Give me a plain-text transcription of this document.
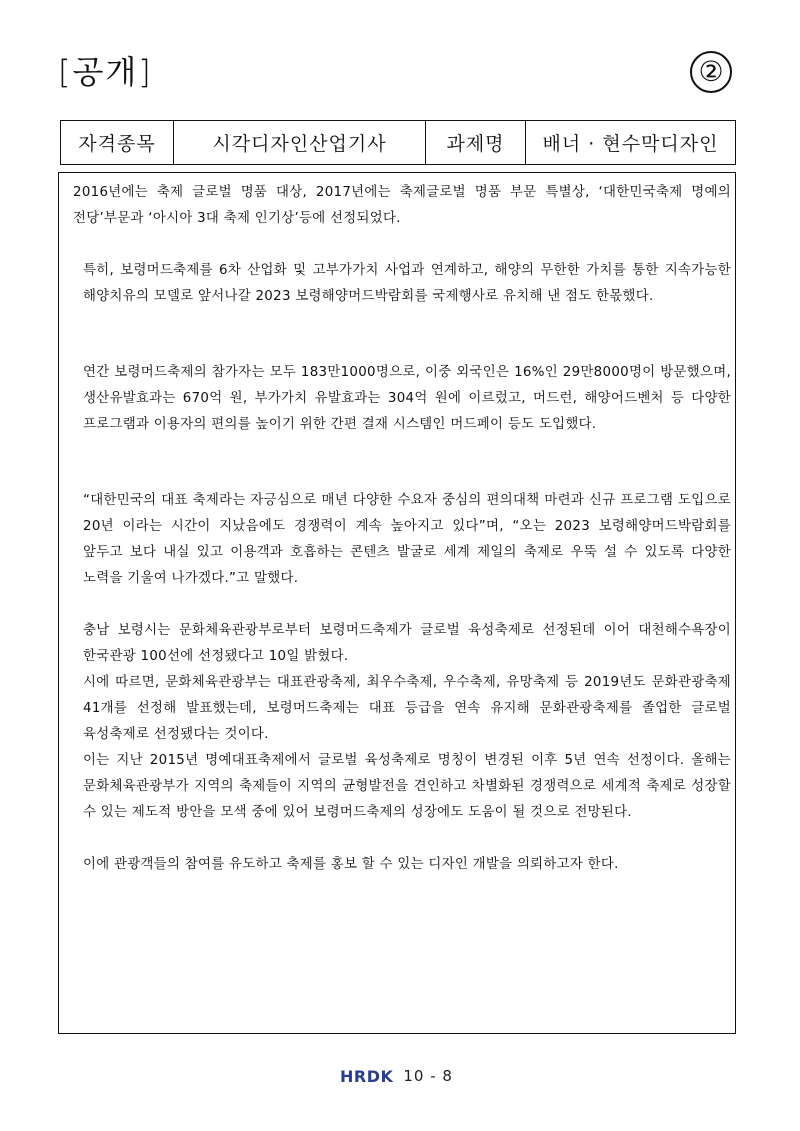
[공개]	②
자격종목	시각디자인산업기사	과제명	배너 · 현수막디자인

2016년에는 축제 글로벌 명품 대상, 2017년에는 축제글로벌 명품 부문 특별상, ‘대한민국축제 명예의 전당’부문과 ‘아시아 3대 축제 인기상’등에 선정되었다.

특히, 보령머드축제를 6차 산업화 및 고부가가치 사업과 연계하고, 해양의 무한한 가치를 통한 지속가능한 해양치유의 모델로 앞서나갈 2023 보령해양머드박람회를 국제행사로 유치해 낸 점도 한몫했다.

연간 보령머드축제의 참가자는 모두 183만1000명으로, 이중 외국인은 16%인 29만8000명이 방문했으며, 생산유발효과는 670억 원, 부가가치 유발효과는 304억 원에 이르렀고, 머드런, 해양어드벤처 등 다양한 프로그램과 이용자의 편의를 높이기 위한 간편 결재 시스템인 머드페이 등도 도입했다.

“대한민국의 대표 축제라는 자긍심으로 매년 다양한 수요자 중심의 편의대책 마련과 신규 프로그램 도입으로 20년 이라는 시간이 지났음에도 경쟁력이 계속 높아지고 있다”며, “오는 2023 보령해양머드박람회를 앞두고 보다 내실 있고 이용객과 호흡하는 콘텐츠 발굴로 세계 제일의 축제로 우뚝 설 수 있도록 다양한 노력을 기울여 나가겠다.”고 말했다.

충남 보령시는 문화체육관광부로부터 보령머드축제가 글로벌 육성축제로 선정된데 이어 대천해수욕장이 한국관광 100선에 선정됐다고 10일 밝혔다.

시에 따르면, 문화체육관광부는 대표관광축제, 최우수축제, 우수축제, 유망축제 등 2019년도 문화관광축제 41개를 선정해 발표했는데, 보령머드축제는 대표 등급을 연속 유지해 문화관광축제를 졸업한 글로벌 육성축제로 선정됐다는 것이다.

이는 지난 2015년 명예대표축제에서 글로벌 육성축제로 명칭이 변경된 이후 5년 연속 선정이다. 올해는 문화체육관광부가 지역의 축제들이 지역의 균형발전을 견인하고 차별화된 경쟁력으로 세계적 축제로 성장할 수 있는 제도적 방안을 모색 중에 있어 보령머드축제의 성장에도 도움이 될 것으로 전망된다.

이에 관광객들의 참여를 유도하고 축제를 홍보 할 수 있는 디자인 개발을 의뢰하고자 한다.

HRDK 10 - 8
